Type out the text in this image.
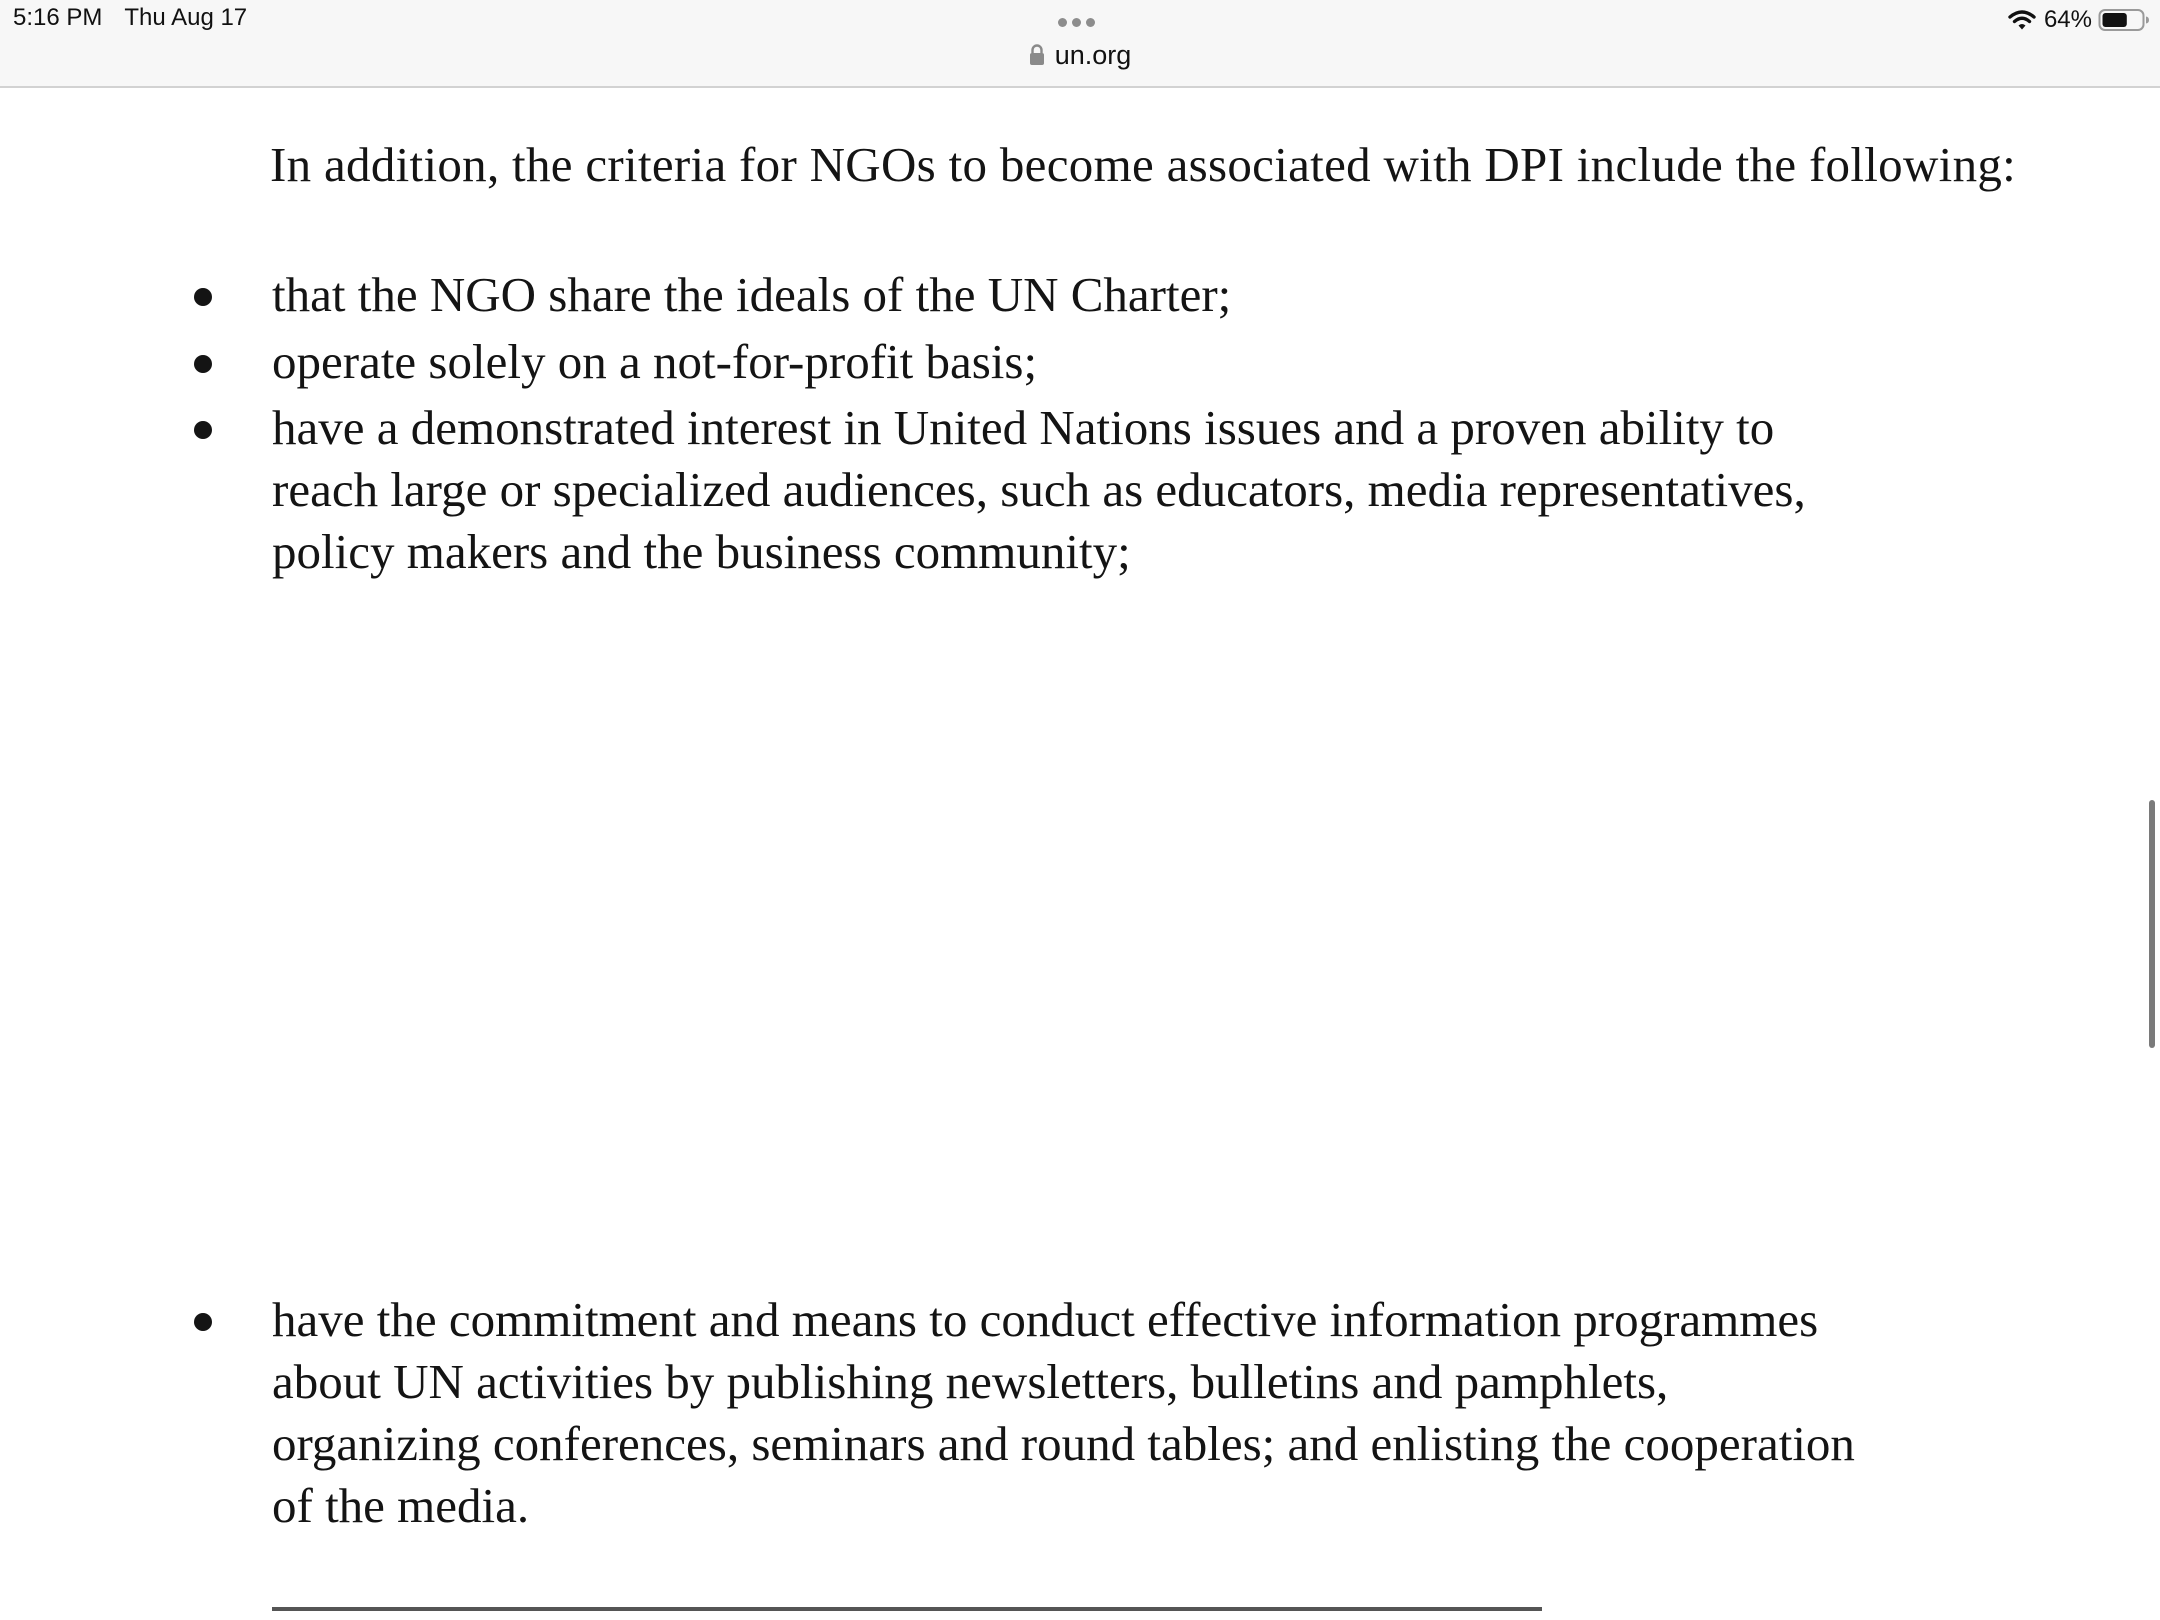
5:16 PM Thu Aug 17
un.org
64%

In addition, the criteria for NGOs to become associated with DPI include the following:

that the NGO share the ideals of the UN Charter;
operate solely on a not-for-profit basis;
have a demonstrated interest in United Nations issues and a proven ability to
reach large or specialized audiences, such as educators, media representatives,
policy makers and the business community;
have the commitment and means to conduct effective information programmes
about UN activities by publishing newsletters, bulletins and pamphlets,
organizing conferences, seminars and round tables; and enlisting the cooperation
of the media.
